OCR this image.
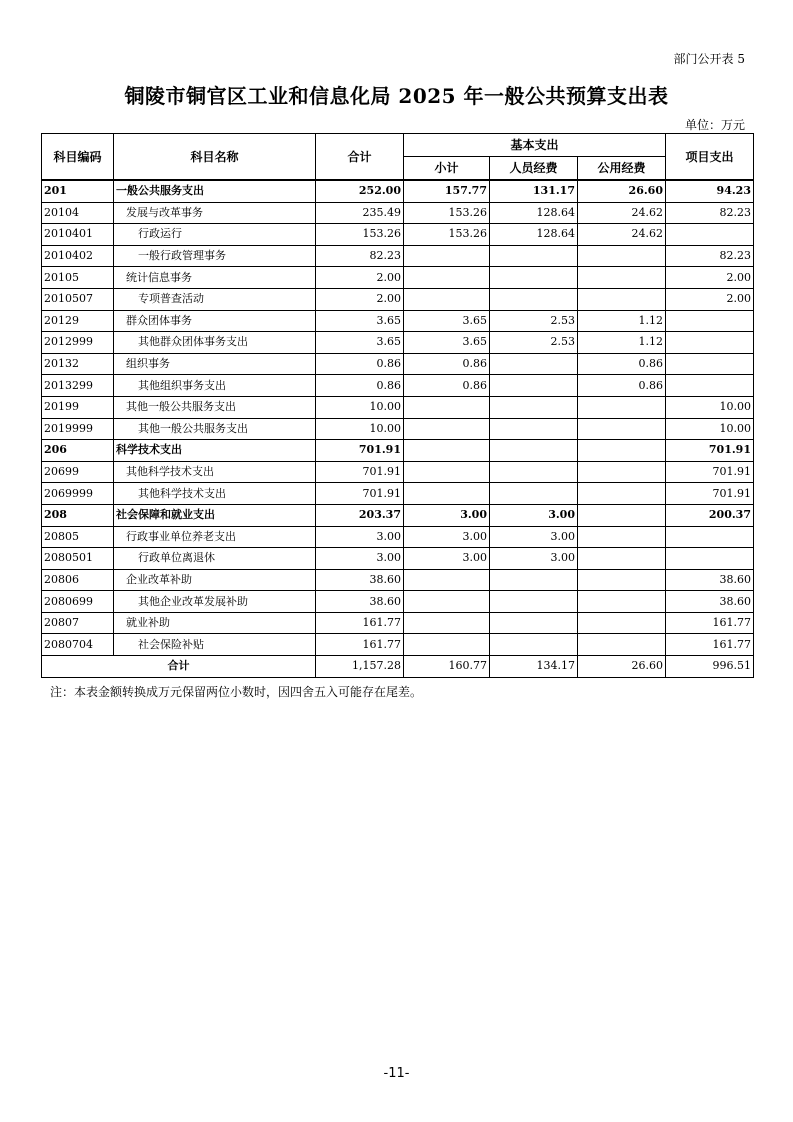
部门公开表 5
铜陵市铜官区工业和信息化局 2025 年一般公共预算支出表
单位：万元
科目编码	科目名称	合计	基本支出			项目支出
			小计	人员经费	公用经费	
201	一般公共服务支出	252.00	157.77	131.17	26.60	94.23
20104	发展与改革事务	235.49	153.26	128.64	24.62	82.23
2010401	行政运行	153.26	153.26	128.64	24.62	
2010402	一般行政管理事务	82.23				82.23
20105	统计信息事务	2.00				2.00
2010507	专项普查活动	2.00				2.00
20129	群众团体事务	3.65	3.65	2.53	1.12	
2012999	其他群众团体事务支出	3.65	3.65	2.53	1.12	
20132	组织事务	0.86	0.86		0.86	
2013299	其他组织事务支出	0.86	0.86		0.86	
20199	其他一般公共服务支出	10.00				10.00
2019999	其他一般公共服务支出	10.00				10.00
206	科学技术支出	701.91				701.91
20699	其他科学技术支出	701.91				701.91
2069999	其他科学技术支出	701.91				701.91
208	社会保障和就业支出	203.37	3.00	3.00		200.37
20805	行政事业单位养老支出	3.00	3.00	3.00		
2080501	行政单位离退休	3.00	3.00	3.00		
20806	企业改革补助	38.60				38.60
2080699	其他企业改革发展补助	38.60				38.60
20807	就业补助	161.77				161.77
2080704	社会保险补贴	161.77				161.77
合计		1,157.28	160.77	134.17	26.60	996.51
注：本表金额转换成万元保留两位小数时，因四舍五入可能存在尾差。
-11-
